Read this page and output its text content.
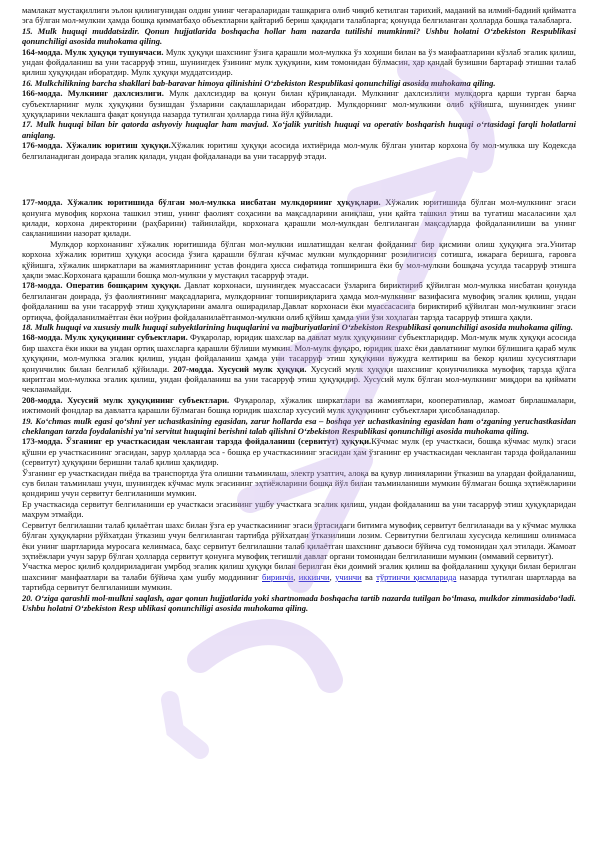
мамлакат мустақиллиги эълон қилингунидан олдин унинг чегараларидан ташқарига олиб чиқиб кетилган тарихий, маданий ва илмий-бадиий қийматга эга бўлган мол-мулкни ҳамда бошқа қимматбаҳо объектларни қайтариб бериш ҳақидаги талабларга; қонунда белгиланган ҳолларда бошқа талабларга.

15. Mulk huquqi muddatsizdir. Qonun hujjatlarida boshqacha hollar ham nazarda tutilishi mumkinmi? Ushbu holatni O‘zbekiston Respublikasi qonunchiligi asosida muhokama qiling.

164-модда. Мулк ҳуқуқи тушунчаси. Мулк ҳуқуқи шахснинг ўзига қарашли мол-мулкка ўз хоҳиши билан ва ўз манфаатларини кўзлаб эгалик қилиш, ундан фойдаланиш ва уни тасарруф этиш, шунингдек ўзининг мулк ҳуқуқини, ким томонидан бўлмасин, ҳар қандай бузишни бартараф этишни талаб қилиш ҳуқуқидан иборатдир. Мулк ҳуқуқи муддатсиздир.

16. Mulkchilikning barcha shakllari bab-baravar himoya qilinishini O‘zbekiston Respublikasi qonunchiligi asosida muhokama qiling.

166-модда. Мулкнинг дахлсизлиги. Мулк дахлсиздир ва қонун билан қўриқланади. Мулкнинг дахлсизлиги мулкдорга қарши турган барча субъектларнинг мулк ҳуқуқини бузишдан ўзларини сақлашларидан иборатдир. Мулкдорнинг мол-мулкини олиб қўйишга, шунингдек унинг ҳуқуқларини чеклашга фақат қонунда назарда тутилган ҳолларда гина йўл қўйилади.

17. Mulk huquqi bilan bir qatorda ashyoviy huquqlar ham mavjud. Xo‘jalik yuritish huquqi va operativ boshqarish huquqi o‘rtasidagi farqli holatlarni aniqlang.

176-модда. Хўжалик юритиш ҳуқуқи.Хўжалик юритиш ҳуқуқи асосида ихтиёрида мол-мулк бўлган унитар корхона бу мол-мулкка шу Кодексда белгиланадиган доирада эгалик қилади, ундан фойдаланади ва уни тасарруф этади.

177-модда. Хўжалик юритишида бўлган мол-мулкка нисбатан мулкдорнинг ҳуқуқлари. Хўжалик юритишида бўлган мол-мулкнинг эгаси қонунга мувофиқ корхона ташкил этиш, унинг фаолият соҳасини ва мақсадларини аниқлаш, уни қайта ташкил этиш ва тугатиш масаласини ҳал қилади, корхона директорини (раҳбарини) тайинлайди, корхонага қарашли мол-мулкдан белгиланган мақсадларда фойдаланилиши ва унинг сақланишини назорат қилади.

Мулкдор корхонанинг хўжалик юритишида бўлган мол-мулкни ишлатишдан келган фойданинг бир қисмини олиш ҳуқуқига эга.Унитар корхона хўжалик юритиш ҳуқуқи асосида ўзига қарашли бўлган кўчмас мулкни мулкдорнинг розилигисиз сотишга, ижарага беришга, гаровга қўйишга, хўжалик ширкатлари ва жамиятларининг устав фондига ҳисса сифатида топширишга ёки бу мол-мулкни бошқача усулда тасарруф этишга ҳақли эмас.Корхонага қарашли бошқа мол-мулкни у мустақил тасарруф этади.

178-модда. Оператив бошқарим ҳуқуқи. Давлат корхонаси, шунингдек муассасаси ўзларига бириктириб қўйилган мол-мулкка нисбатан қонунда белгиланган доирада, ўз фаолиятининг мақсадларига, мулкдорнинг топшириқларига ҳамда мол-мулкнинг вазифасига мувофиқ эгалик қилиш, ундан фойдаланиш ва уни тасарруф этиш ҳуқуқларини амалга оширадилар.Давлат корхонаси ёки муассасасига бириктириб қўйилган мол-мулкнинг эгаси ортиқча, фойдаланилмаётган ёки ноўрин фойдаланилаётганмол-мулкни олиб қўйиш ҳамда уни ўзи хоҳлаган тарзда тасарруф этишга ҳақли.

18. Mulk huquqi va xususiy mulk huquqi subyektlarining huquqlarini va majburiyatlarini O‘zbekiston Respublikasi qonunchiligi asosida muhokama qiling.

168-модда. Мулк ҳуқуқининг субъектлари. Фуқаролар, юридик шахслар ва давлат мулк ҳуқуқининг субъектларидир. Мол-мулк мулк ҳуқуқи асосида бир шахсга ёки икки ва ундан ортиқ шахсларга қарашли бўлиши мумкин. Мол-мулк фуқаро, юридик шахс ёки давлатнинг мулки бўлишига қараб мулк ҳуқуқини, мол-мулкка эгалик қилиш, ундан фойдаланиш ҳамда уни тасарруф этиш ҳуқуқини вужудга келтириш ва бекор қилиш хусусиятлари қонунчилик билан белгилаб қўйилади. 207-модда. Хусусий мулк ҳуқуқи. Хусусий мулк ҳуқуқи шахснинг қонунчиликка мувофиқ тарзда қўлга киритган мол-мулкка эгалик қилиш, ундан фойдаланиш ва уни тасарруф этиш ҳуқуқидир. Хусусий мулк бўлган мол-мулкнинг миқдори ва қиймати чекланмайди.

208-модда. Хусусий мулк ҳуқуқининг субъектлари. Фуқаролар, хўжалик ширкатлари ва жамиятлари, кооперативлар, жамоат бирлашмалари, ижтимоий фондлар ва давлатга қарашли бўлмаган бошқа юридик шахслар хусусий мулк ҳуқуқининг субъектлари ҳисобланадилар.

19. Ko‘chmas mulk egasi qo‘shni yer uchastkasining egasidan, zarur hollarda esa – boshqa yer uchastkasining egasidan ham o‘zganing yeruchastkasidan cheklangan tarzda foydalanishi ya’ni servitut huquqini berishni talab qilishni O‘zbekiston Respublikasi qonunchiligi asosida muhokama qiling.

173-модда. Ўзганинг ер участкасидан чекланган тарзда фойдаланиш (сервитут) ҳуқуқи.Кўчмас мулк (ер участкаси, бошқа кўчмас мулк) эгаси қўшни ер участкасининг эгасидан, зарур ҳолларда эса - бошқа ер участкасининг эгасидан ҳам ўзганинг ер участкасидан чекланган тарзда фойдаланиш (сервитут) ҳуқуқини беришни талаб қилиш ҳақлидир.

Ўзганинг ер участкасидан пиёда ва транспортда ўта олишни таъминлаш, электр узатгич, алоқа ва қувур линияларини ўтказиш ва улардан фойдаланиш, сув билан таъминлаш учун, шунингдек кўчмас мулк эгасининг эҳтиёжларини бошқа йўл билан таъминланиши мумкин бўлмаган бошқа эҳтиёжларини қондириш учун сервитут белгиланиши мумкин.

Ер участкасида сервитут белгиланиши ер участкаси эгасининг ушбу участкага эгалик қилиш, ундан фойдаланиш ва уни тасарруф этиш ҳуқуқларидан маҳрум этмайди.

Сервитут белгилашни талаб қилаётган шахс билан ўзга ер участкасининг эгаси ўртасидаги битимга мувофиқ сервитут белгиланади ва у кўчмас мулкка бўлган ҳуқуқларни рўйхатдан ўтказиш учун белгиланган тартибда рўйхатдан ўтказилиши лозим. Сервитутни белгилаш хусусида келишиш олинмаса ёки унинг шартларида муросага келинмаса, баҳс сервитут белгилашни талаб қилаётган шахснинг даъвоси бўйича суд томонидан ҳал этилади. Жамоат эҳтиёжлари учун зарур бўлган ҳолларда сервитут қонунга мувофиқ тегишли давлат органи томонидан белгиланиши мумкин (оммавий сервитут).

Участка мерос қилиб қолдириладиган умрбод эгалик қилиш ҳуқуқи билан берилган ёки доимий эгалик қилиш ва фойдаланиш ҳуқуқи билан берилган шахснинг манфаатлари ва талаби бўйича ҳам ушбу моддининг биринчи, иккинчи, учинчи ва тўртинчи қисмларида назарда тутилган шартларда ва тартибда сервитут белгиланиши мумкин.

20. O‘ziga qarashli mol-mulkni saqlash, agar qonun hujjatlarida yoki shartnomada boshqacha tartib nazarda tutilgan bo‘lmasa, mulkdor zimmasidabo‘ladi. Ushbu holatni O‘zbekiston Resp ublikasi qonunchiligi asosida muhokama qiling.
